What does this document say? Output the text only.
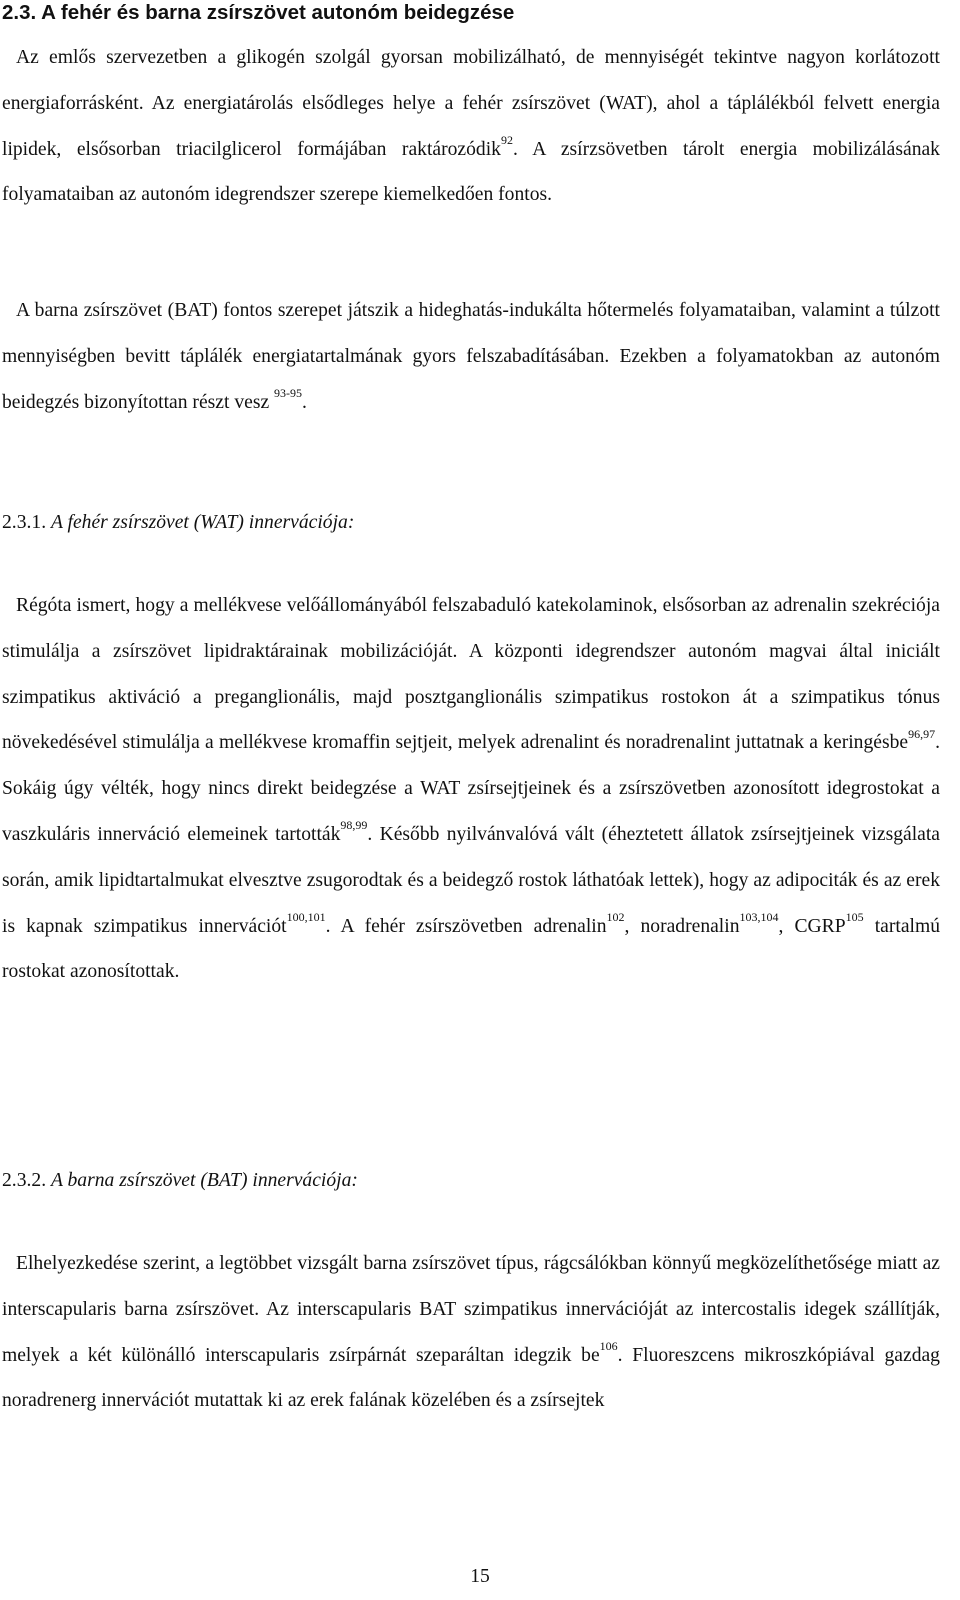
2.3. A fehér és barna zsírszövet autonóm beidegzése

Az emlős szervezetben a glikogén szolgál gyorsan mobilizálható, de mennyiségét tekintve nagyon korlátozott energiaforrásként. Az energiatárolás elsődleges helye a fehér zsírszövet (WAT), ahol a táplálékból felvett energia lipidek, elsősorban triacilglicerol formájában raktározódik$^{92}$. A zsírzsövetben tárolt energia mobilizálásának folyamataiban az autonóm idegrendszer szerepe kiemelkedően fontos.

A barna zsírszövet (BAT) fontos szerepet játszik a hideghatás-indukálta hőtermelés folyamataiban, valamint a túlzott mennyiségben bevitt táplálék energiatartalmának gyors felszabadításában. Ezekben a folyamatokban az autonóm beidegzés bizonyítottan részt vesz $^{93-95}$.

2.3.1. A fehér zsírszövet (WAT) innervációja:

Régóta ismert, hogy a mellékvese velőállományából felszabaduló katekolaminok, elsősorban az adrenalin szekréciója stimulálja a zsírszövet lipidraktárainak mobilizációját. A központi idegrendszer autonóm magvai által iniciált szimpatikus aktiváció a preganglionális, majd posztganglionális szimpatikus rostokon át a szimpatikus tónus növekedésével stimulálja a mellékvese kromaffin sejtjeit, melyek adrenalint és noradrenalint juttatnak a keringésbe$^{96,97}$. Sokáig úgy vélték, hogy nincs direkt beidegzése a WAT zsírsejtjeinek és a zsírszövetben azonosított idegrostokat a vaszkuláris innerváció elemeinek tartották$^{98,99}$. Később nyilvánvalóvá vált (éheztetett állatok zsírsejtjeinek vizsgálata során, amik lipidtartalmukat elvesztve zsugorodtak és a beidegző rostok láthatóak lettek), hogy az adipociták és az erek is kapnak szimpatikus innervációt$^{100,101}$. A fehér zsírszövetben adrenalin$^{102}$, noradrenalin$^{103,104}$, CGRP$^{105}$ tartalmú rostokat azonosítottak.

2.3.2. A barna zsírszövet (BAT) innervációja:

Elhelyezkedése szerint, a legtöbbet vizsgált barna zsírszövet típus, rágcsálókban könnyű megközelíthetősége miatt az interscapularis barna zsírszövet. Az interscapularis BAT szimpatikus innervációját az intercostalis idegek szállítják, melyek a két különálló interscapularis zsírpárnát szeparáltan idegzik $be^{106}$. Fluoreszcens mikroszkópiával gazdag noradrenerg innervációt mutattak ki az erek falának közelében és a zsírsejtek

15
